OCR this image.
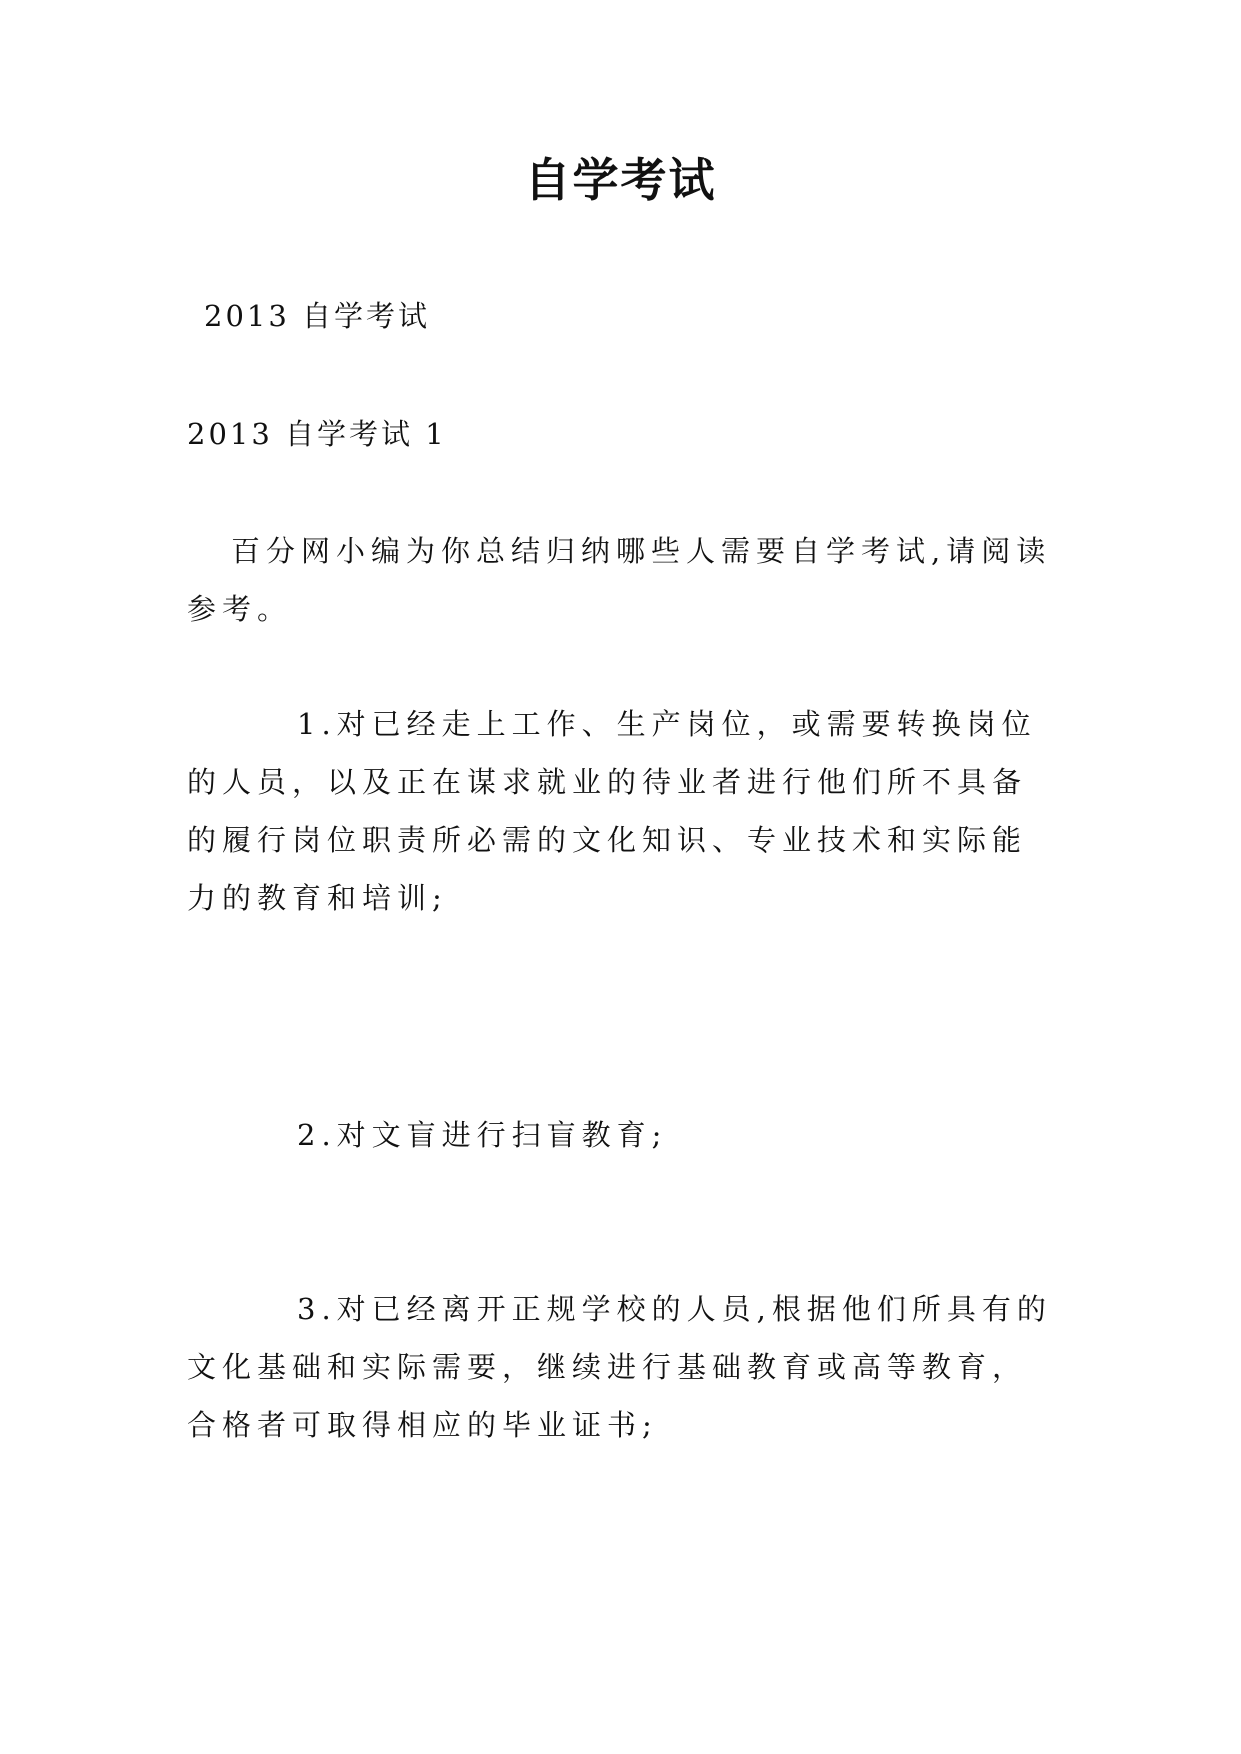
自学考试
2013 自学考试
2013 自学考试 1

百分网小编为你总结归纳哪些人需要自学考试,请阅读参考。

1.对已经走上工作、生产岗位，或需要转换岗位的人员，以及正在谋求就业的待业者进行他们所不具备的履行岗位职责所必需的文化知识、专业技术和实际能力的教育和培训;

2.对文盲进行扫盲教育;

3.对已经离开正规学校的人员,根据他们所具有的文化基础和实际需要，继续进行基础教育或高等教育，合格者可取得相应的毕业证书;
